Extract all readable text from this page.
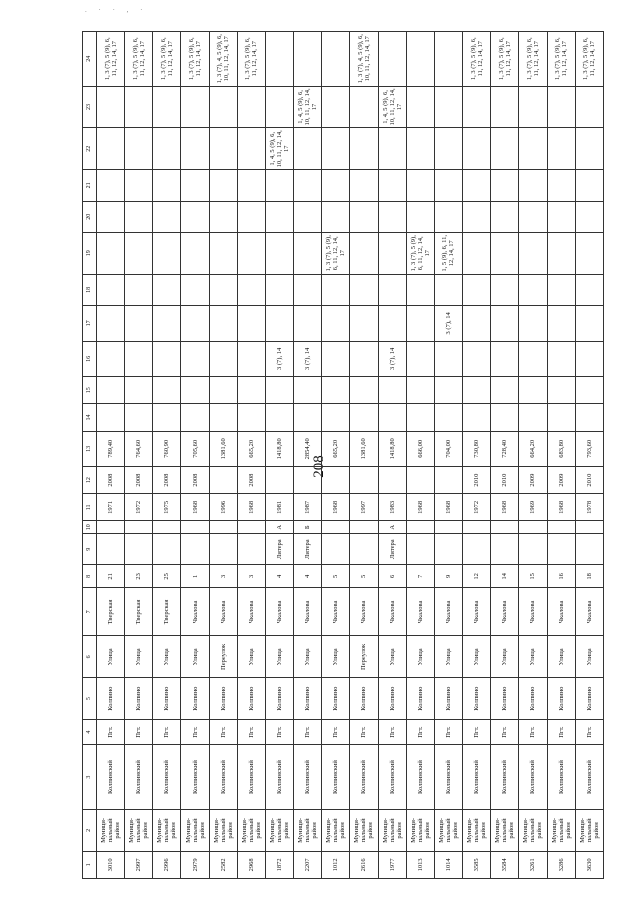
. · · , ·
208
1	2	3	4	5	6	7	8	9	10	11	12	13	14	15	16	17	18	19	20	21	22	23	24
3010	Муници-пальный район	Колпинский	Пгт.	Колпино	Улица	Тверская	21			1971	2008	789,40											1, 3 (7), 5 (9), 6, 11, 12, 14, 17
2997	Муници-пальный район	Колпинский	Пгт.	Колпино	Улица	Тверская	23			1972	2008	764,60											1, 3 (7), 5 (9), 6, 11, 12, 14, 17
2996	Муници-пальный район	Колпинский	Пгт.	Колпино	Улица	Тверская	25			1975	2008	760,90											1, 3 (7), 5 (9), 6, 11, 12, 14, 17
2979	Муници-пальный район	Колпинский	Пгт.	Колпино	Улица	Чкалова	1			1968	2008	705,60											1, 3 (7), 5 (9), 6, 11, 12, 14, 17
2582	Муници-пальный район	Колпинский	Пгт.	Колпино	Переулок	Чкалова	3			1996		1381,60											1, 3 (7), 4, 5 (9), 6, 10, 11, 12, 14, 17
2968	Муници-пальный район	Колпинский	Пгт.	Колпино	Улица	Чкалова	3			1968	2008	665,20											1, 3 (7), 5 (9), 6, 11, 12, 14, 17
1872	Муници-пальный район	Колпинский	Пгт.	Колпино	Улица	Чкалова	4	Литера	А	1981		1418,80			3 (7), 14						1, 4, 5 (9), 6, 10, 11, 12, 14, 17		
2207	Муници-пальный район	Колпинский	Пгт.	Колпино	Улица	Чкалова	4	Литера	Б	1987		2854,40			3 (7), 14							1, 4, 5 (9), 6, 10, 11, 12, 14, 17	
1012	Муници-пальный район	Колпинский	Пгт.	Колпино	Улица	Чкалова	5			1968		665,20						1, 3 (7), 5 (9), 6, 11, 12, 14, 17					
2616	Муници-пальный район	Колпинский	Пгт.	Колпино	Переулок	Чкалова	5			1997		1381,60											1, 3 (7), 4, 5 (9), 6, 10, 11, 12, 14, 17
1977	Муници-пальный район	Колпинский	Пгт.	Колпино	Улица	Чкалова	6	Литера	А	1983		1418,80			3 (7), 14							1, 4, 5 (9), 6, 10, 11, 12, 14, 17	
1013	Муници-пальный район	Колпинский	Пгт.	Колпино	Улица	Чкалова	7			1968		666,00						1, 3 (7), 5 (9), 6, 11, 12, 14, 17					
1014	Муници-пальный район	Колпинский	Пгт.	Колпино	Улица	Чкалова	9			1968		704,00				3 (7), 14		1, 5 (9), 6, 11, 12, 14, 17					
3585	Муници-пальный район	Колпинский	Пгт.	Колпино	Улица	Чкалова	12			1972	2010	730,80											1, 3 (7), 5 (9), 6, 11, 12, 14, 17
3584	Муници-пальный район	Колпинский	Пгт.	Колпино	Улица	Чкалова	14			1968	2010	728,40											1, 3 (7), 5 (9), 6, 11, 12, 14, 17
3261	Муници-пальный район	Колпинский	Пгт.	Колпино	Улица	Чкалова	15			1969	2009	664,20											1, 3 (7), 5 (9), 6, 11, 12, 14, 17
3286	Муници-пальный район	Колпинский	Пгт.	Колпино	Улица	Чкалова	16			1968	2009	683,80											1, 3 (7), 5 (9), 6, 11, 12, 14, 17
3630	Муници-пальный район	Колпинский	Пгт.	Колпино	Улица	Чкалова	18			1978	2010	793,60											1, 3 (7), 5 (9), 6, 11, 12, 14, 17
